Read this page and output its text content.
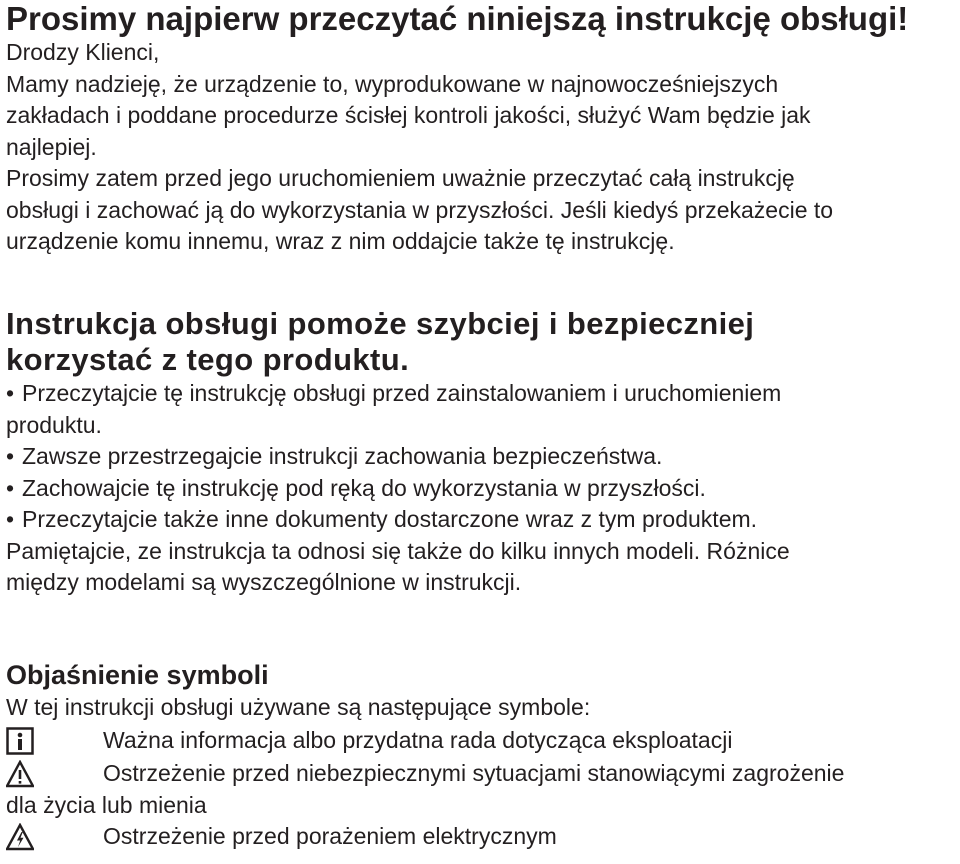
Prosimy najpierw przeczytać niniejszą instrukcję obsługi!
Drodzy Klienci,
Mamy nadzieję, że urządzenie to, wyprodukowane w najnowocześniejszych
zakładach i poddane procedurze ścisłej kontroli jakości, służyć Wam będzie jak
najlepiej.
Prosimy zatem przed jego uruchomieniem uważnie przeczytać całą instrukcję
obsługi i zachować ją do wykorzystania w przyszłości. Jeśli kiedyś przekażecie to
urządzenie komu innemu, wraz z nim oddajcie także tę instrukcję.
Instrukcja obsługi pomoże szybciej i bezpieczniej
korzystać z tego produktu.
• Przeczytajcie tę instrukcję obsługi przed zainstalowaniem i uruchomieniem
produktu.
• Zawsze przestrzegajcie instrukcji zachowania bezpieczeństwa.
• Zachowajcie tę instrukcję pod ręką do wykorzystania w przyszłości.
• Przeczytajcie także inne dokumenty dostarczone wraz z tym produktem.
Pamiętajcie, ze instrukcja ta odnosi się także do kilku innych modeli. Różnice
między modelami są wyszczególnione w instrukcji.
Objaśnienie symboli
W tej instrukcji obsługi używane są następujące symbole:
Ważna informacja albo przydatna rada dotycząca eksploatacji
Ostrzeżenie przed niebezpiecznymi sytuacjami stanowiącymi zagrożenie
dla życia lub mienia
Ostrzeżenie przed porażeniem elektrycznym
